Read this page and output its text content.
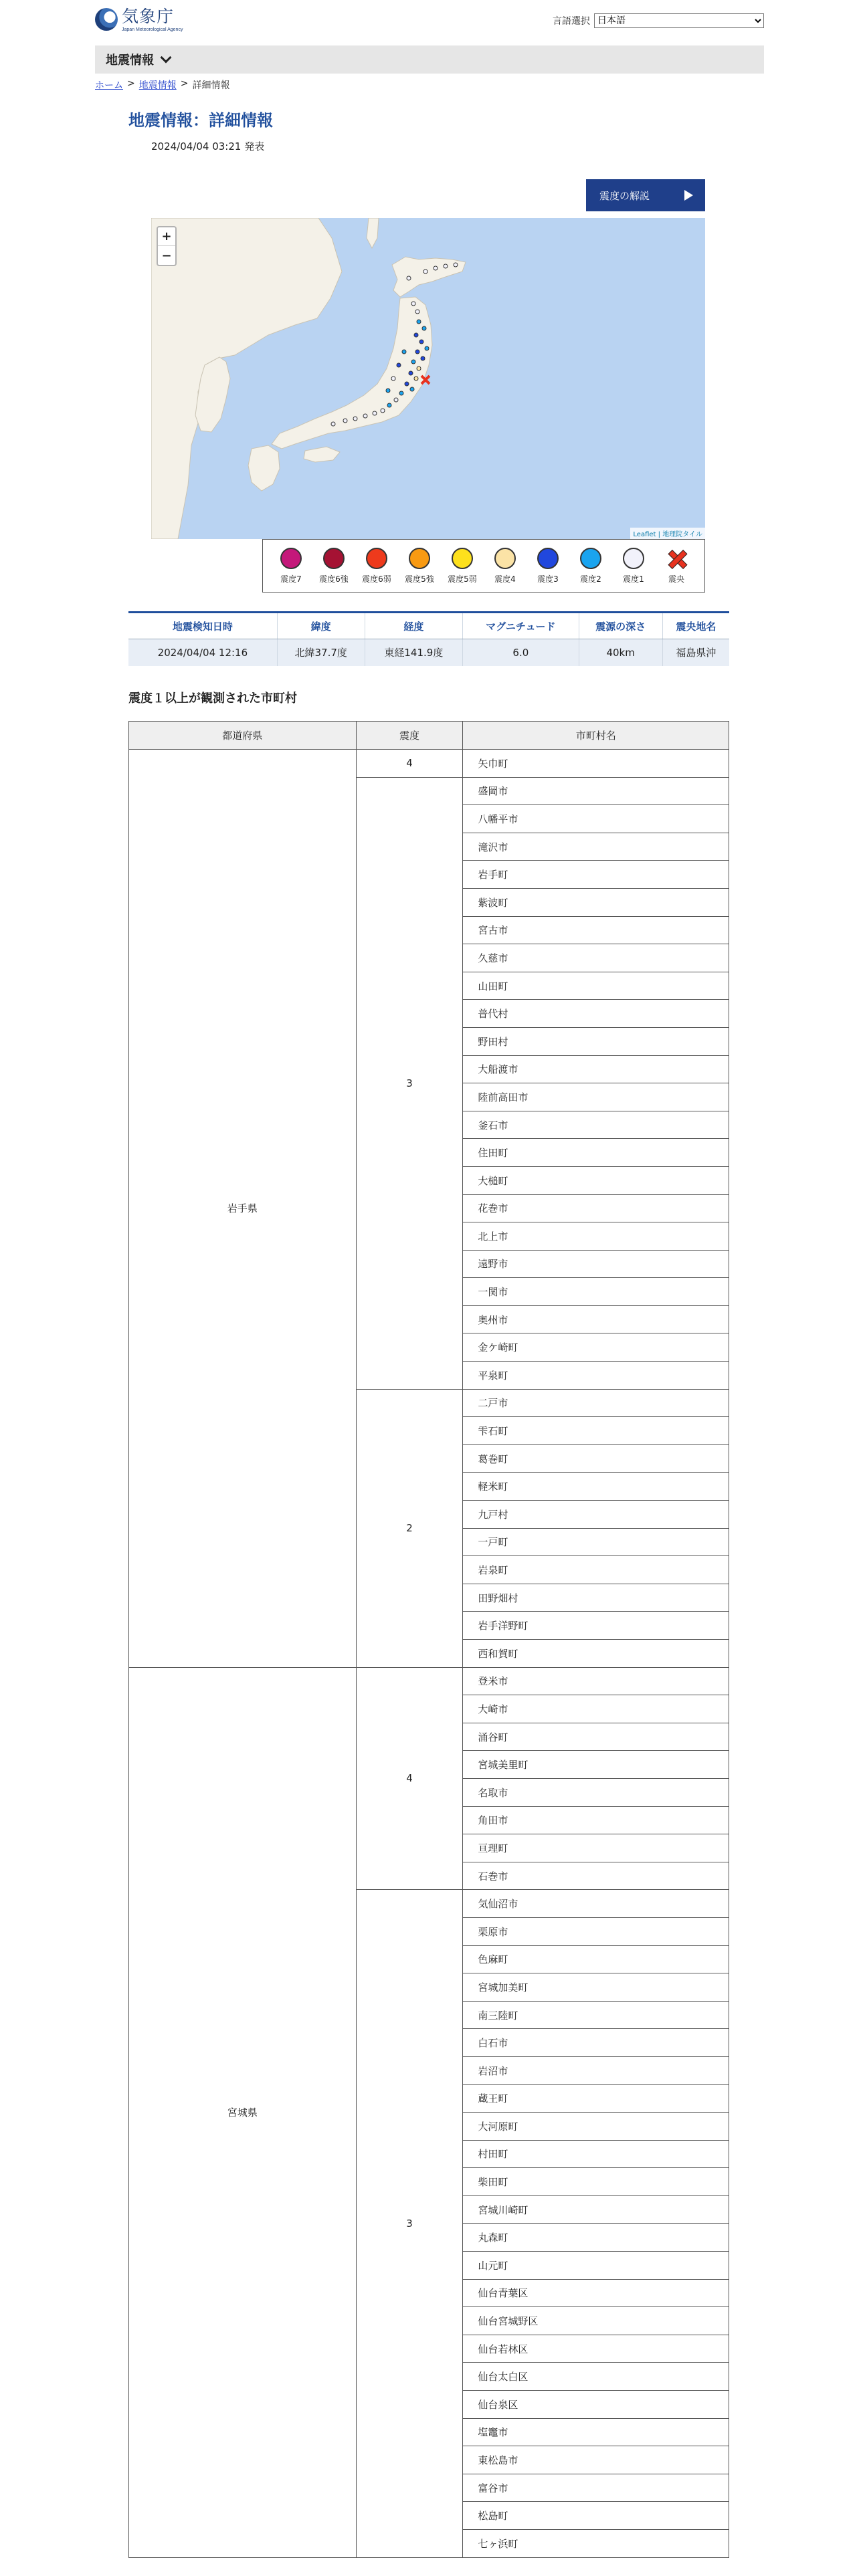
気象庁
Japan Meteorological Agency
言語選択
日本語
地震情報
ホーム > 地震情報 > 詳細情報
地震情報：詳細情報
2024/04/04 03:21 発表
震度の解説
+
−
Leaflet | 地理院タイル
震度7 震度6強 震度6弱 震度5強 震度5弱 震度4	震度3	震度2	震度1	震央
地震検知日時	緯度	経度	マグニチュード	震源の深さ	震央地名
2024/04/04 12:16	北緯37.7度	東経141.9度	6.0	40km	福島県沖
震度１以上が観測された市町村
都道府県	震度	市町村名
岩手県	4	矢巾町
	3	盛岡市
		八幡平市
		滝沢市
		岩手町
		紫波町
		宮古市
		久慈市
		山田町
		普代村
		野田村
		大船渡市
		陸前高田市
		釜石市
		住田町
		大槌町
		花巻市
		北上市
		遠野市
		一関市
		奥州市
		金ケ崎町
		平泉町
	2	二戸市
		雫石町
		葛巻町
		軽米町
		九戸村
		一戸町
		岩泉町
		田野畑村
		岩手洋野町
		西和賀町
宮城県	4	登米市
		大崎市
		涌谷町
		宮城美里町
		名取市
		角田市
		亘理町
		石巻市
	3	気仙沼市
		栗原市
		色麻町
		宮城加美町
		南三陸町
		白石市
		岩沼市
		蔵王町
		大河原町
		村田町
		柴田町
		宮城川崎町
		丸森町
		山元町
		仙台青葉区
		仙台宮城野区
		仙台若林区
		仙台太白区
		仙台泉区
		塩竈市
		東松島市
		富谷市
		松島町
		七ヶ浜町
